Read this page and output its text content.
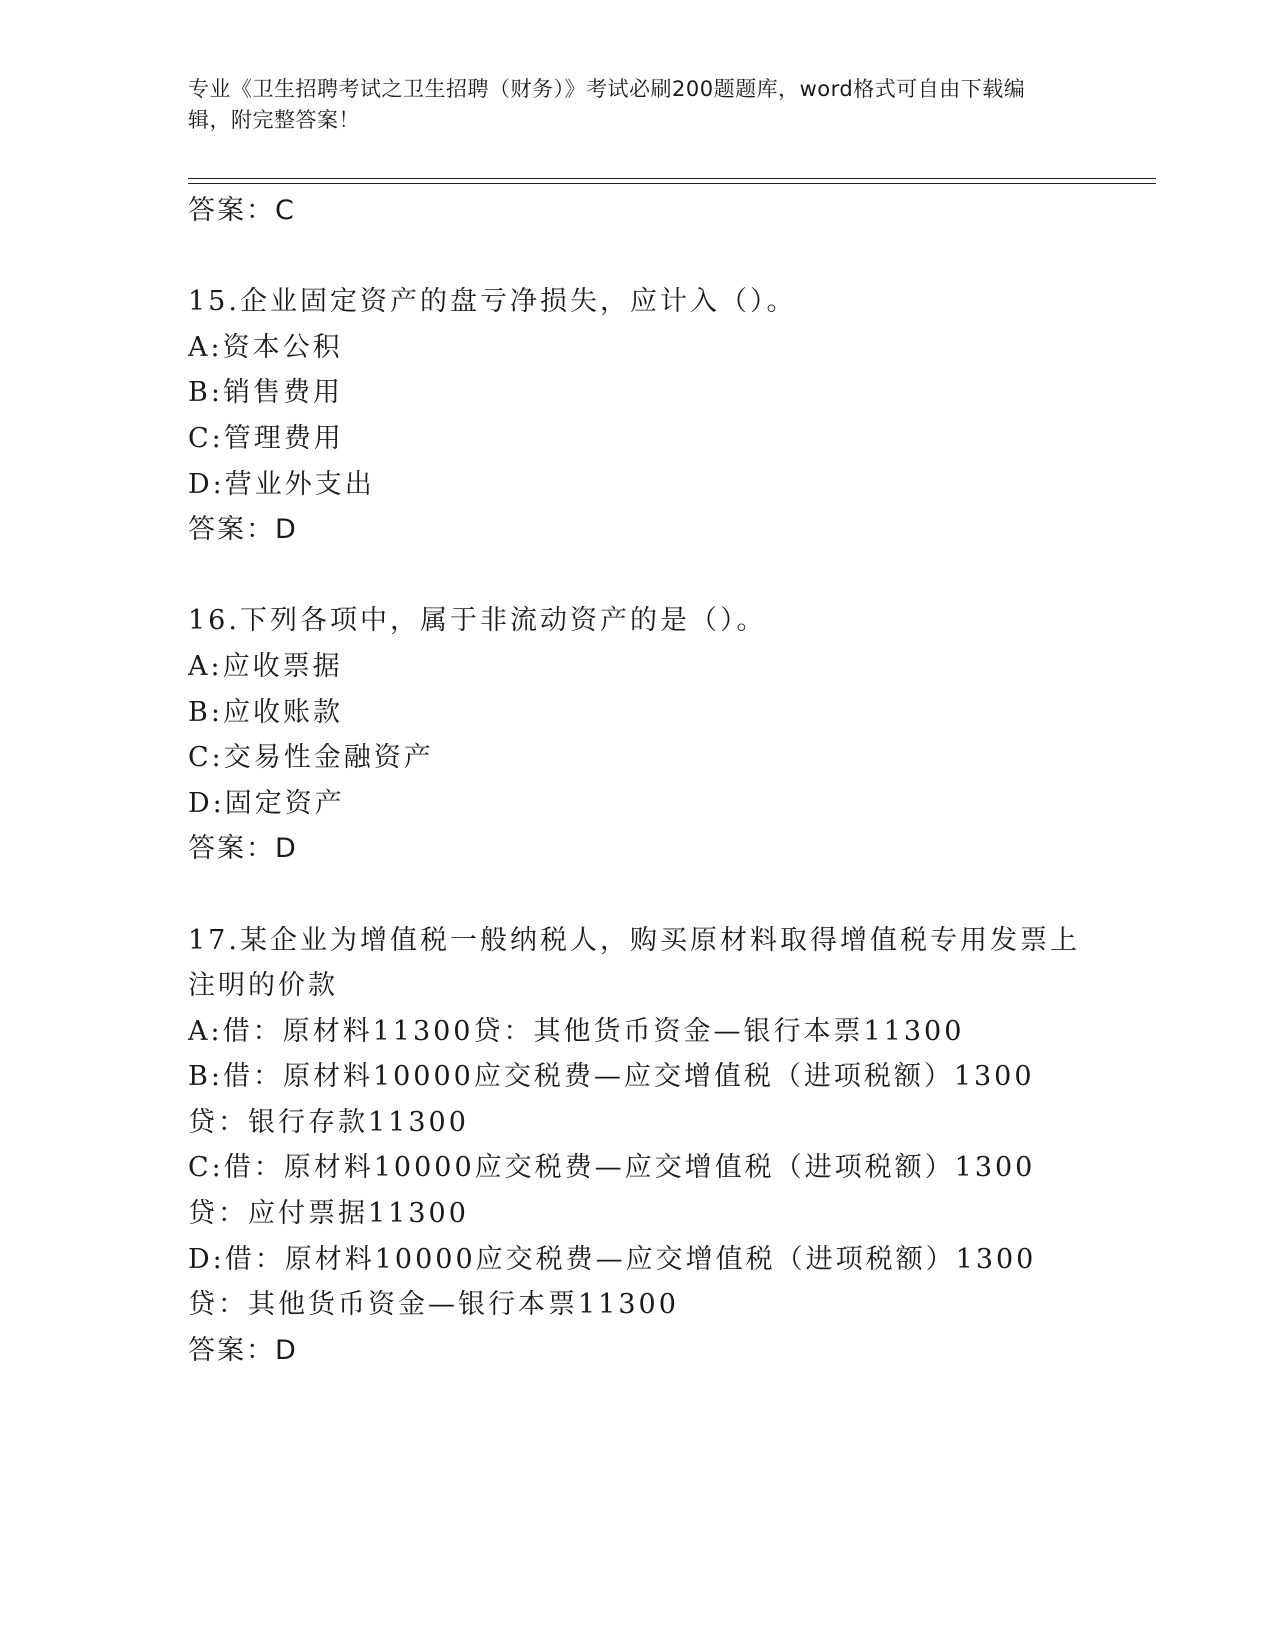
专业《卫生招聘考试之卫生招聘（财务）》考试必刷200题题库，word格式可自由下载编辑，附完整答案！
答案：C
15.企业固定资产的盘亏净损失，应计入（）。
A:资本公积
B:销售费用
C:管理费用
D:营业外支出
答案：D
16.下列各项中，属于非流动资产的是（）。
A:应收票据
B:应收账款
C:交易性金融资产
D:固定资产
答案：D
17.某企业为增值税一般纳税人，购买原材料取得增值税专用发票上注明的价款
A:借：原材料11300贷：其他货币资金—银行本票11300
B:借：原材料10000应交税费—应交增值税（进项税额）1300贷：银行存款11300
C:借：原材料10000应交税费—应交增值税（进项税额）1300贷：应付票据11300
D:借：原材料10000应交税费—应交增值税（进项税额）1300贷：其他货币资金—银行本票11300
答案：D
